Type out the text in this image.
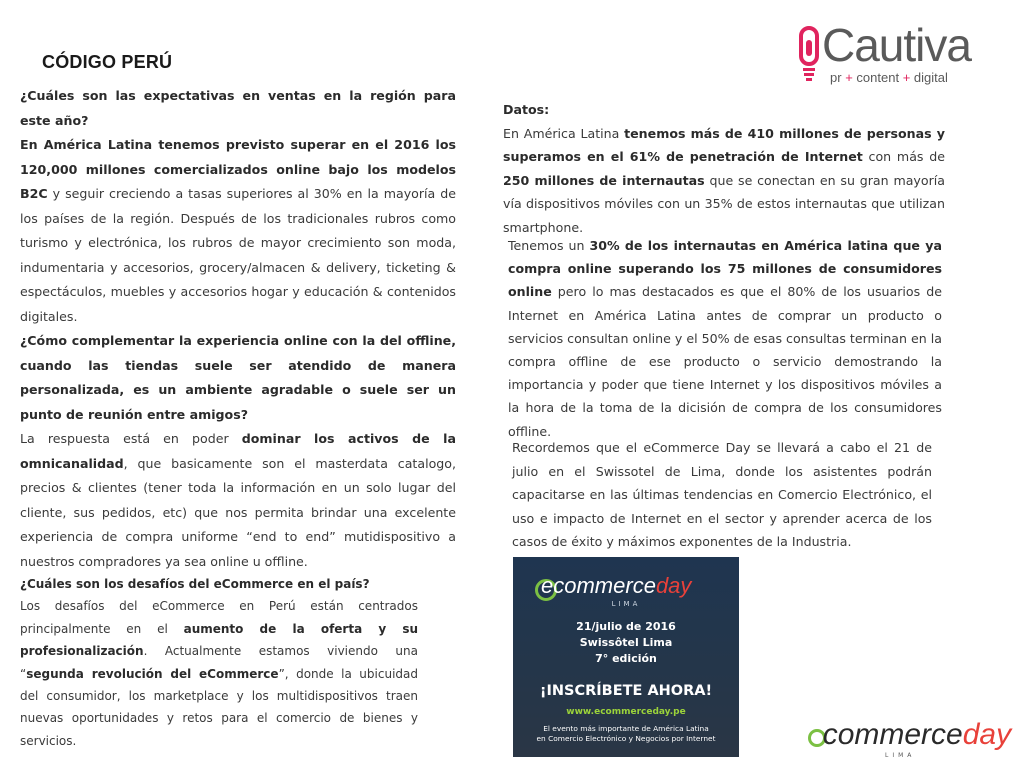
CÓDIGO PERÚ	Cautiva
pr + content + digital

¿Cuáles son las expectativas en ventas en la región para este año?

En América Latina tenemos previsto superar en el 2016 los 120,000 millones comercializados online bajo los modelos B2C y seguir creciendo a tasas superiores al 30% en la mayoría de los países de la región. Después de los tradicionales rubros como turismo y electrónica, los rubros de mayor crecimiento son moda, indumentaria y accesorios, grocery/almacen & delivery, ticketing & espectáculos, muebles y accesorios hogar y educación & contenidos digitales.

¿Cómo complementar la experiencia online con la del offline, cuando las tiendas suele ser atendido de manera personalizada, es un ambiente agradable o suele ser un punto de reunión entre amigos?

La respuesta está en poder dominar los activos de la omnicanalidad, que basicamente son el masterdata catalogo, precios & clientes (tener toda la información en un solo lugar del cliente, sus pedidos, etc) que nos permita brindar una excelente experiencia de compra uniforme “end to end” mutidispositivo a nuestros compradores ya sea online u offline.

¿Cuáles son los desafíos del eCommerce en el país?

Los desafíos del eCommerce en Perú están centrados principalmente en el aumento de la oferta y su profesionalización. Actualmente estamos viviendo una “segunda revolución del eCommerce”, donde la ubicuidad del consumidor, los marketplace y los multidispositivos traen nuevas oportunidades y retos para el comercio de bienes y servicios.

Datos:

En América Latina tenemos más de 410 millones de personas y superamos en el 61% de penetración de Internet con más de 250 millones de internautas que se conectan en su gran mayoría vía dispositivos móviles con un 35% de estos internautas que utilizan smartphone.

Tenemos un 30% de los internautas en América latina que ya compra online superando los 75 millones de consumidores online pero lo mas destacados es que el 80% de los usuarios de Internet en América Latina antes de comprar un producto o servicios consultan online y el 50% de esas consultas terminan en la compra offline de ese producto o servicio demostrando la importancia y poder que tiene Internet y los dispositivos móviles a la hora de la toma de la dicisión de compra de los consumidores offline.

Recordemos que el eCommerce Day se llevará a cabo el 21 de julio en el Swissotel de Lima, donde los asistentes podrán capacitarse en las últimas tendencias en Comercio Electrónico, el uso e impacto de Internet en el sector y aprender acerca de los casos de éxito y máximos exponentes de la Industria.

ecommerceday
LIMA
21/julio de 2016
Swissôtel Lima
7° edición
¡INSCRÍBETE AHORA!
www.ecommerceday.pe
El evento más importante de América Latina
en Comercio Electrónico y Negocios por Internet	commerceday
LIMA
